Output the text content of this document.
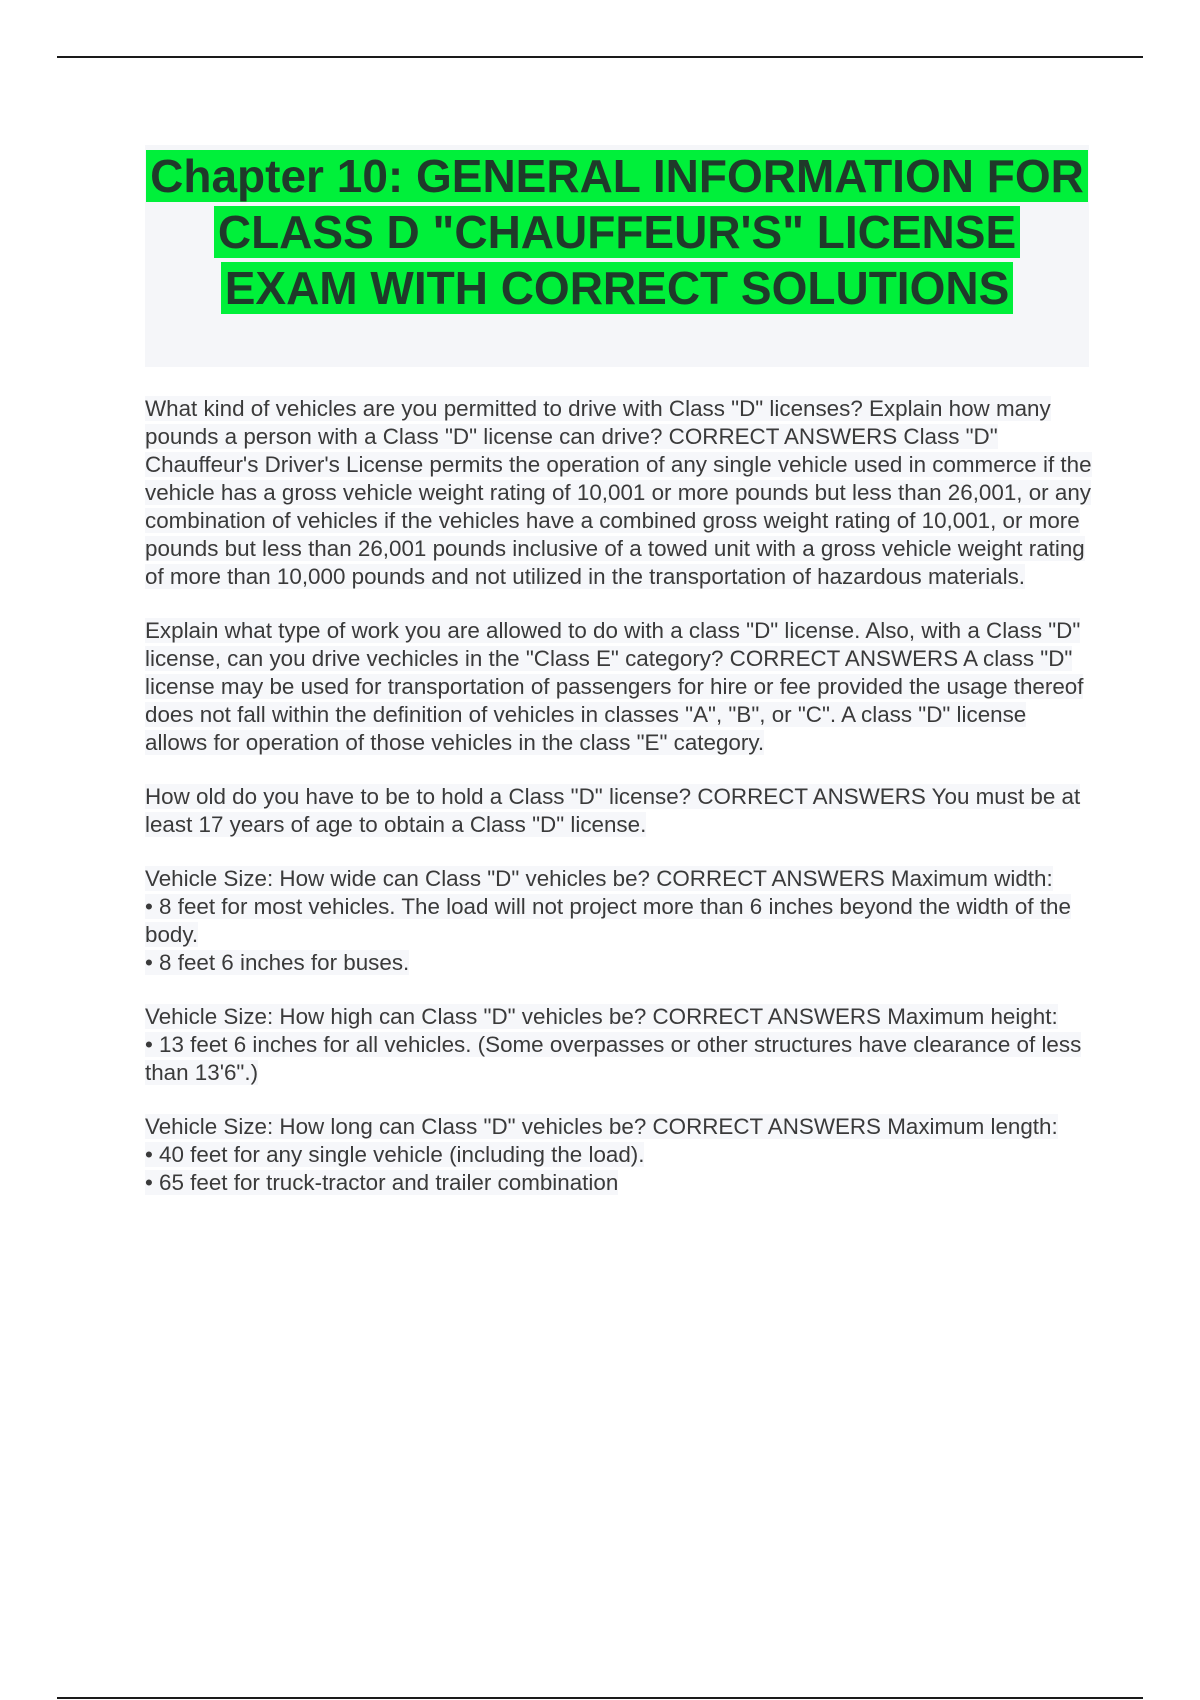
Chapter 10: GENERAL INFORMATION FOR CLASS D "CHAUFFEUR'S" LICENSE EXAM WITH CORRECT SOLUTIONS

What kind of vehicles are you permitted to drive with Class "D" licenses? Explain how many pounds a person with a Class "D" license can drive? CORRECT ANSWERS Class "D" Chauffeur's Driver's License permits the operation of any single vehicle used in commerce if the vehicle has a gross vehicle weight rating of 10,001 or more pounds but less than 26,001, or any combination of vehicles if the vehicles have a combined gross weight rating of 10,001, or more pounds but less than 26,001 pounds inclusive of a towed unit with a gross vehicle weight rating of more than 10,000 pounds and not utilized in the transportation of hazardous materials.

Explain what type of work you are allowed to do with a class "D" license. Also, with a Class "D" license, can you drive vechicles in the "Class E" category? CORRECT ANSWERS A class "D" license may be used for transportation of passengers for hire or fee provided the usage thereof does not fall within the definition of vehicles in classes "A", "B", or "C". A class "D" license allows for operation of those vehicles in the class "E" category.

How old do you have to be to hold a Class "D" license? CORRECT ANSWERS You must be at least 17 years of age to obtain a Class "D" license.

Vehicle Size: How wide can Class "D" vehicles be? CORRECT ANSWERS Maximum width:
• 8 feet for most vehicles. The load will not project more than 6 inches beyond the width of the body.
• 8 feet 6 inches for buses.

Vehicle Size: How high can Class "D" vehicles be? CORRECT ANSWERS Maximum height:
• 13 feet 6 inches for all vehicles. (Some overpasses or other structures have clearance of less than 13'6".)

Vehicle Size: How long can Class "D" vehicles be? CORRECT ANSWERS Maximum length:
• 40 feet for any single vehicle (including the load).
• 65 feet for truck-tractor and trailer combination
